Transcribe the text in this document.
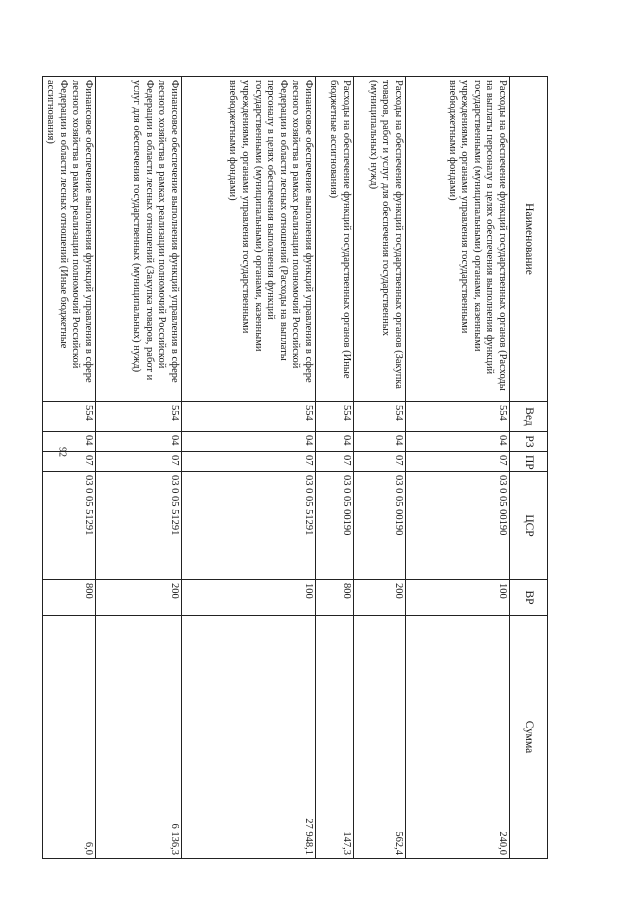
92
Наименование	Вед	РЗ	ПР	ЦСР	ВР	Сумма
Расходы на обеспечение функций государственных органов (Расходы на выплаты персоналу в целях обеспечения выполнения функций государственными (муниципальными) органами, казенными учреждениями, органами управления государственными внебюджетными фондами)	554	04	07	03 0 05 00190	100	240,0
Расходы на обеспечение функций государственных органов (Закупка товаров, работ и услуг для обеспечения государственных (муниципальных) нужд)	554	04	07	03 0 05 00190	200	562,4
Расходы на обеспечение функций государственных органов (Иные бюджетные ассигнования)	554	04	07	03 0 05 00190	800	147,3
Финансовое обеспечение выполнения функций управления в сфере лесного хозяйства в рамках реализации полномочий Российской Федерации в области лесных отношений (Расходы на выплаты персоналу в целях обеспечения выполнения функций государственными (муниципальными) органами, казенными учреждениями, органами управления государственными внебюджетными фондами)	554	04	07	03 0 05 51291	100	27 948,1
Финансовое обеспечение выполнения функций управления в сфере лесного хозяйства в рамках реализации полномочий Российской Федерации в области лесных отношений (Закупка товаров, работ и услуг для обеспечения государственных (муниципальных) нужд)	554	04	07	03 0 05 51291	200	6 136,3
Финансовое обеспечение выполнения функций управления в сфере лесного хозяйства в рамках реализации полномочий Российской Федерации в области лесных отношений (Иные бюджетные ассигнования)	554	04	07	03 0 05 51291	800	6,0
